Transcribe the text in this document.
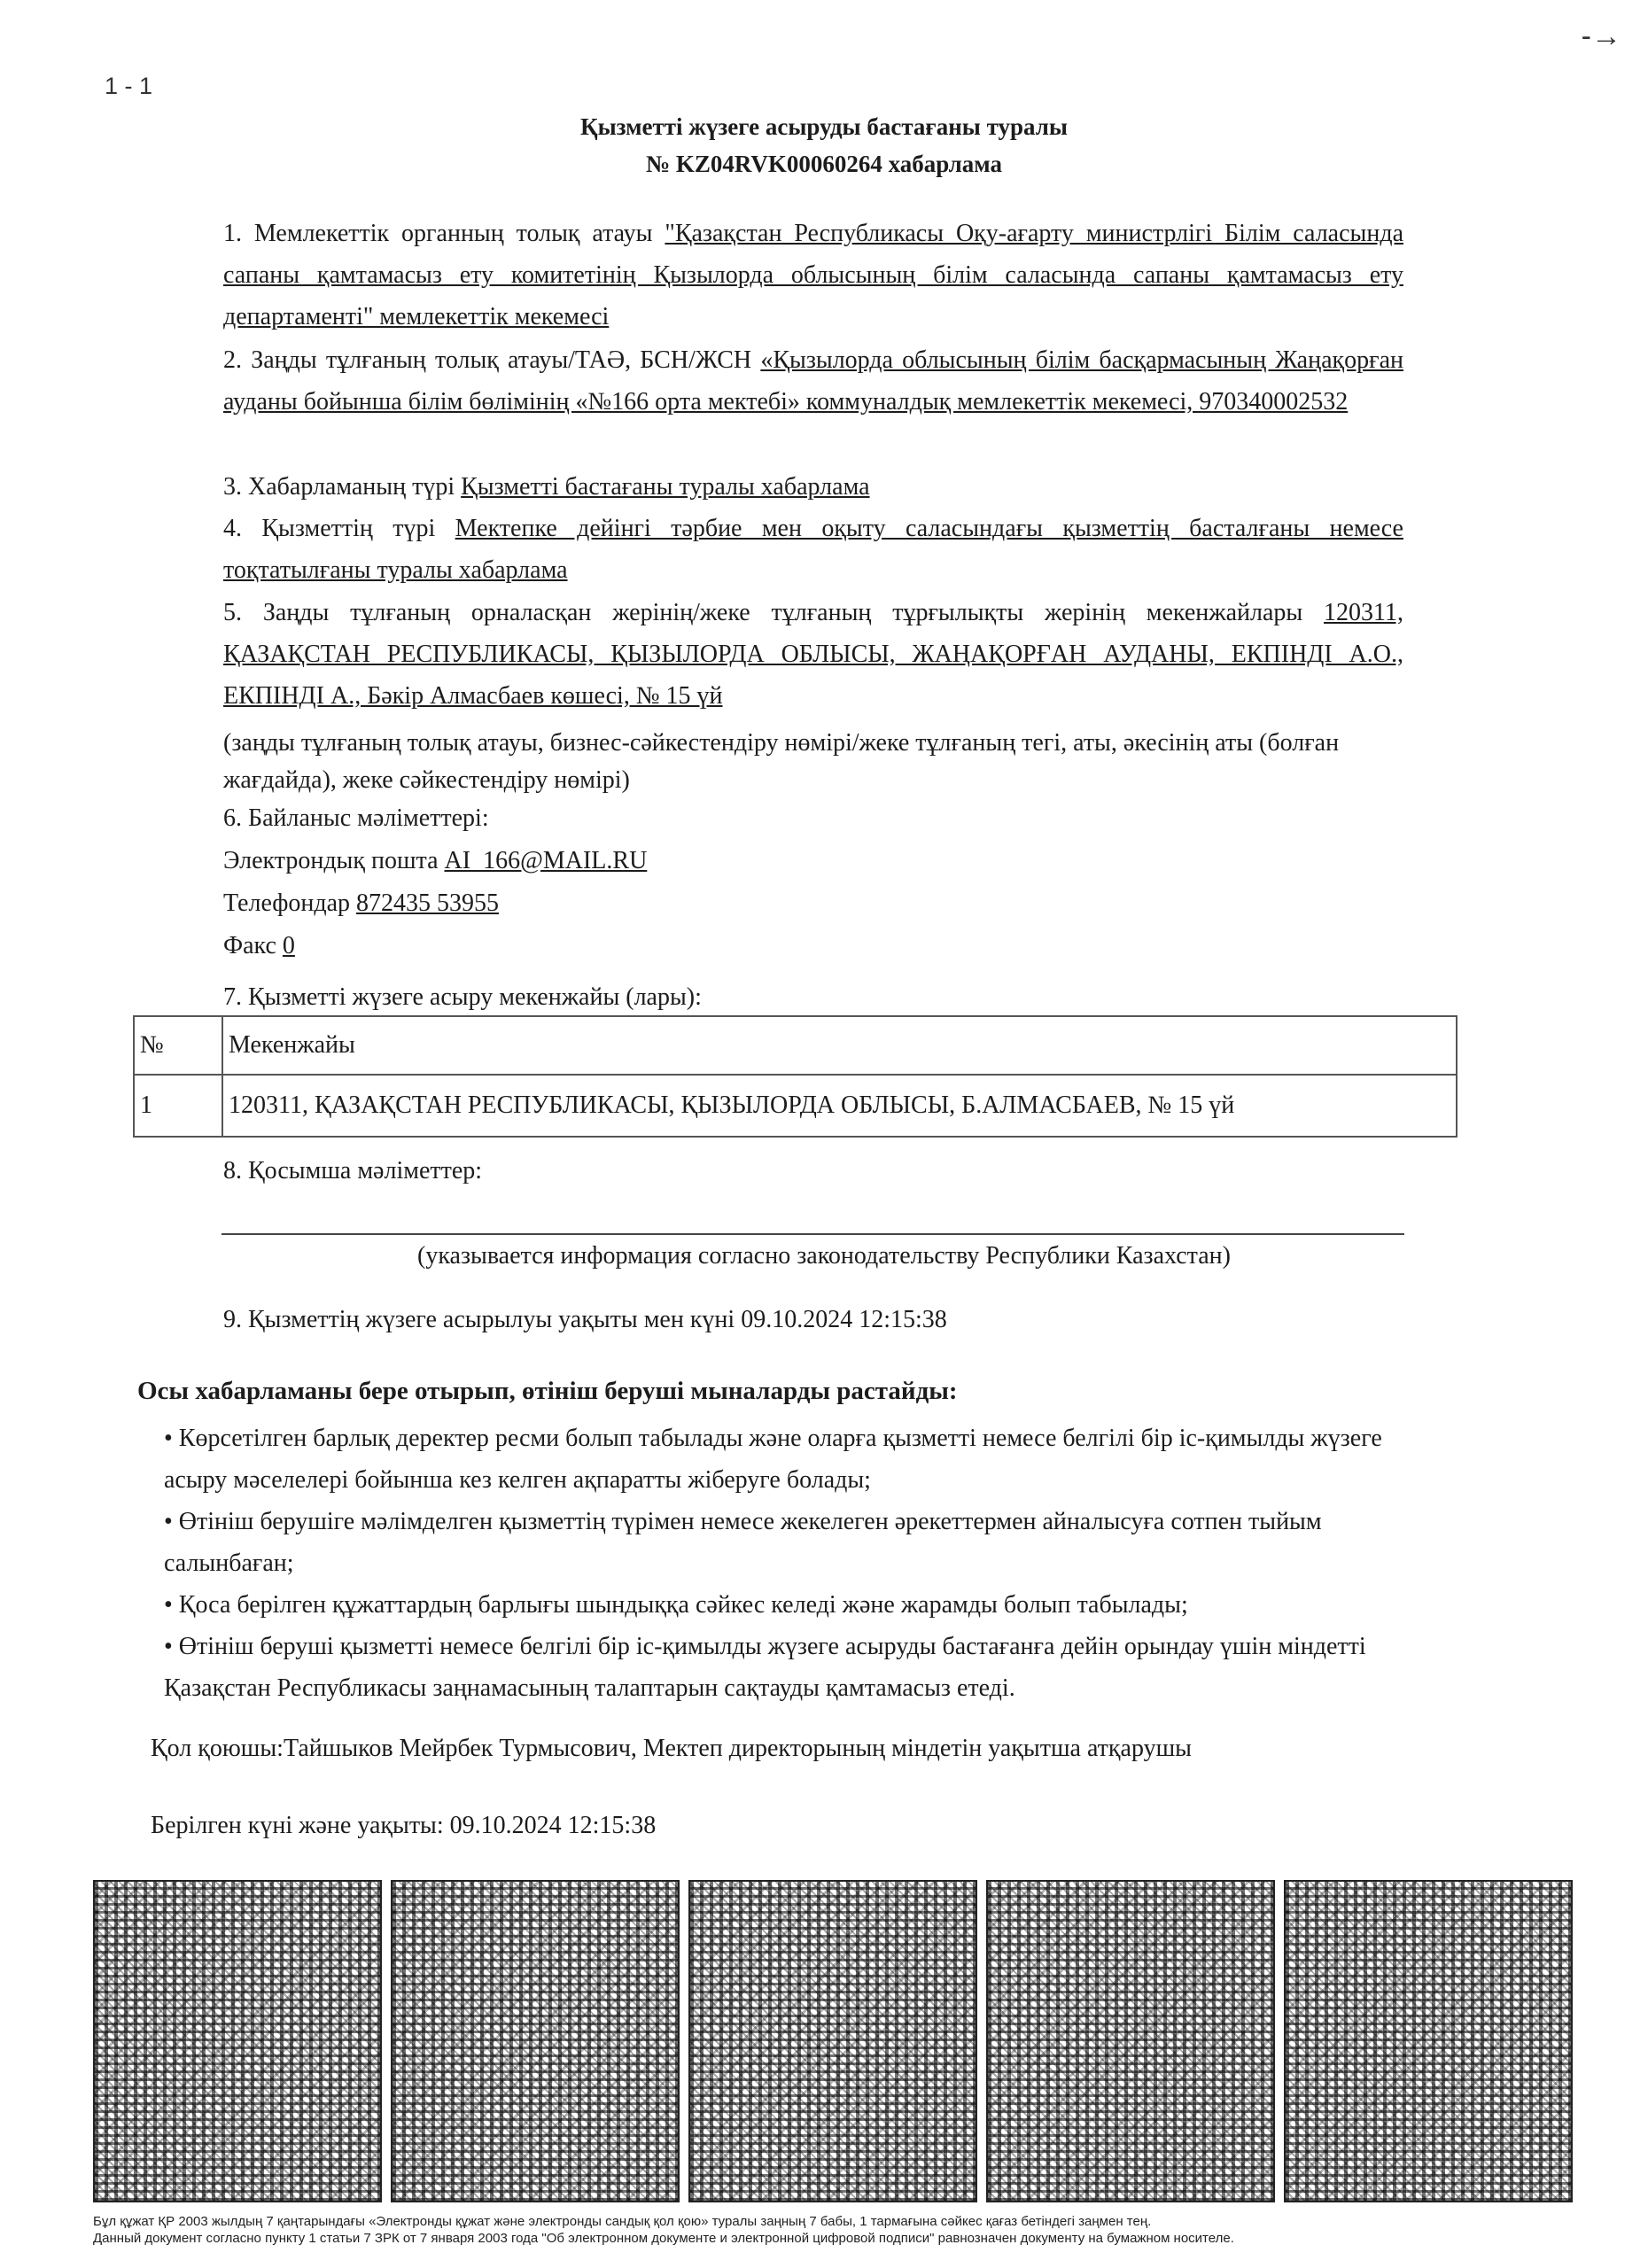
1 - 1
-→
Қызметті жүзеге асыруды бастағаны туралы
№ KZ04RVK00060264 хабарлама
1. Мемлекеттік органның толық атауы "Қазақстан Республикасы Оқу-ағарту министрлігі Білім саласында сапаны қамтамасыз ету комитетінің Қызылорда облысының білім саласында сапаны қамтамасыз ету департаменті" мемлекеттік мекемесі
2. Заңды тұлғаның толық атауы/ТАӘ, БСН/ЖСН «Қызылорда облысының білім басқармасының Жаңақорған ауданы бойынша білім бөлімінің «№166 орта мектебі» коммуналдық мемлекеттік мекемесі, 970340002532
3. Хабарламаның түрі Қызметті бастағаны туралы хабарлама
4. Қызметтің түрі Мектепке дейінгі тәрбие мен оқыту саласындағы қызметтің басталғаны немесе тоқтатылғаны туралы хабарлама
5. Заңды тұлғаның орналасқан жерінің/жеке тұлғаның тұрғылықты жерінің мекенжайлары 120311, ҚАЗАҚСТАН РЕСПУБЛИКАСЫ, ҚЫЗЫЛОРДА ОБЛЫСЫ, ЖАҢАҚОРҒАН АУДАНЫ, ЕКПІНДІ А.О., ЕКПІНДІ А., Бәкір Алмасбаев көшесі, № 15 үй
(заңды тұлғаның толық атауы, бизнес-сәйкестендіру нөмірі/жеке тұлғаның тегі, аты, әкесінің аты (болған жағдайда), жеке сәйкестендіру нөмірі)
6. Байланыс мәліметтері:
Электрондық пошта AI_166@MAIL.RU
Телефондар 872435 53955
Факс 0
7. Қызметті жүзеге асыру мекенжайы (лары):
№	Мекенжайы
1	120311, ҚАЗАҚСТАН РЕСПУБЛИКАСЫ, ҚЫЗЫЛОРДА ОБЛЫСЫ, Б.АЛМАСБАЕВ, № 15 үй
8. Қосымша мәліметтер:
(указывается информация согласно законодательству Республики Казахстан)
9. Қызметтің жүзеге асырылуы уақыты мен күні 09.10.2024 12:15:38
Осы хабарламаны бере отырып, өтініш беруші мыналарды растайды:
• Көрсетілген барлық деректер ресми болып табылады және оларға қызметті немесе белгілі бір іс-қимылды жүзеге асыру мәселелері бойынша кез келген ақпаратты жіберуге болады;
• Өтініш берушіге мәлімделген қызметтің түрімен немесе жекелеген әрекеттермен айналысуға сотпен тыйым салынбаған;
• Қоса берілген құжаттардың барлығы шындыққа сәйкес келеді және жарамды болып табылады;
• Өтініш беруші қызметті немесе белгілі бір іс-қимылды жүзеге асыруды бастағанға дейін орындау үшін міндетті Қазақстан Республикасы заңнамасының талаптарын сақтауды қамтамасыз етеді.
Қол қоюшы:Тайшыков Мейрбек Турмысович, Мектеп директорының міндетін уақытша атқарушы
Берілген күні және уақыты: 09.10.2024 12:15:38
Бұл құжат ҚР 2003 жылдың 7 қаңтарындағы «Электронды құжат және электронды сандық қол қою» туралы заңның 7 бабы, 1 тармағына сәйкес қағаз бетіндегі заңмен тең.
Данный документ согласно пункту 1 статьи 7 ЗРК от 7 января 2003 года "Об электронном документе и электронной цифровой подписи" равнозначен документу на бумажном носителе.
